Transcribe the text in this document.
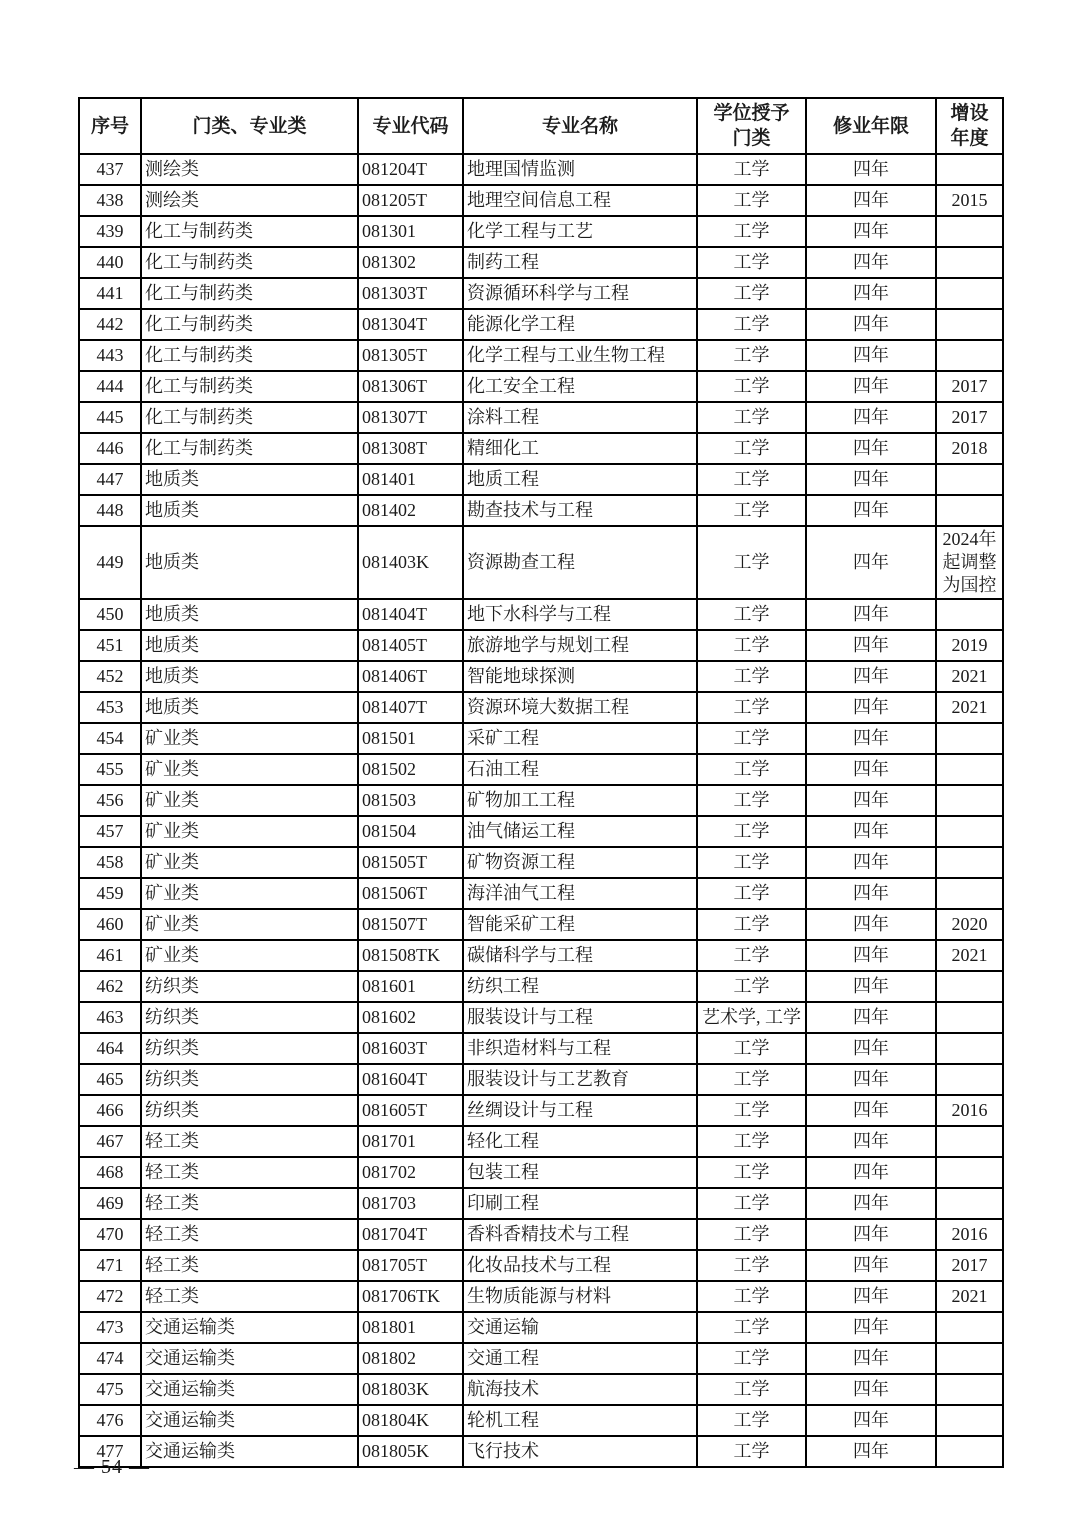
序号	门类、专业类	专业代码	专业名称	学位授予门类	修业年限	增设年度
437	测绘类	081204T	地理国情监测	工学	四年	
438	测绘类	081205T	地理空间信息工程	工学	四年	2015
439	化工与制药类	081301	化学工程与工艺	工学	四年	
440	化工与制药类	081302	制药工程	工学	四年	
441	化工与制药类	081303T	资源循环科学与工程	工学	四年	
442	化工与制药类	081304T	能源化学工程	工学	四年	
443	化工与制药类	081305T	化学工程与工业生物工程	工学	四年	
444	化工与制药类	081306T	化工安全工程	工学	四年	2017
445	化工与制药类	081307T	涂料工程	工学	四年	2017
446	化工与制药类	081308T	精细化工	工学	四年	2018
447	地质类	081401	地质工程	工学	四年	
448	地质类	081402	勘查技术与工程	工学	四年	
449	地质类	081403K	资源勘查工程	工学	四年	2024年起调整为国控
450	地质类	081404T	地下水科学与工程	工学	四年	
451	地质类	081405T	旅游地学与规划工程	工学	四年	2019
452	地质类	081406T	智能地球探测	工学	四年	2021
453	地质类	081407T	资源环境大数据工程	工学	四年	2021
454	矿业类	081501	采矿工程	工学	四年	
455	矿业类	081502	石油工程	工学	四年	
456	矿业类	081503	矿物加工工程	工学	四年	
457	矿业类	081504	油气储运工程	工学	四年	
458	矿业类	081505T	矿物资源工程	工学	四年	
459	矿业类	081506T	海洋油气工程	工学	四年	
460	矿业类	081507T	智能采矿工程	工学	四年	2020
461	矿业类	081508TK	碳储科学与工程	工学	四年	2021
462	纺织类	081601	纺织工程	工学	四年	
463	纺织类	081602	服装设计与工程	艺术学, 工学	四年	
464	纺织类	081603T	非织造材料与工程	工学	四年	
465	纺织类	081604T	服装设计与工艺教育	工学	四年	
466	纺织类	081605T	丝绸设计与工程	工学	四年	2016
467	轻工类	081701	轻化工程	工学	四年	
468	轻工类	081702	包装工程	工学	四年	
469	轻工类	081703	印刷工程	工学	四年	
470	轻工类	081704T	香料香精技术与工程	工学	四年	2016
471	轻工类	081705T	化妆品技术与工程	工学	四年	2017
472	轻工类	081706TK	生物质能源与材料	工学	四年	2021
473	交通运输类	081801	交通运输	工学	四年	
474	交通运输类	081802	交通工程	工学	四年	
475	交通运输类	081803K	航海技术	工学	四年	
476	交通运输类	081804K	轮机工程	工学	四年	
477	交通运输类	081805K	飞行技术	工学	四年	
— 54 —
